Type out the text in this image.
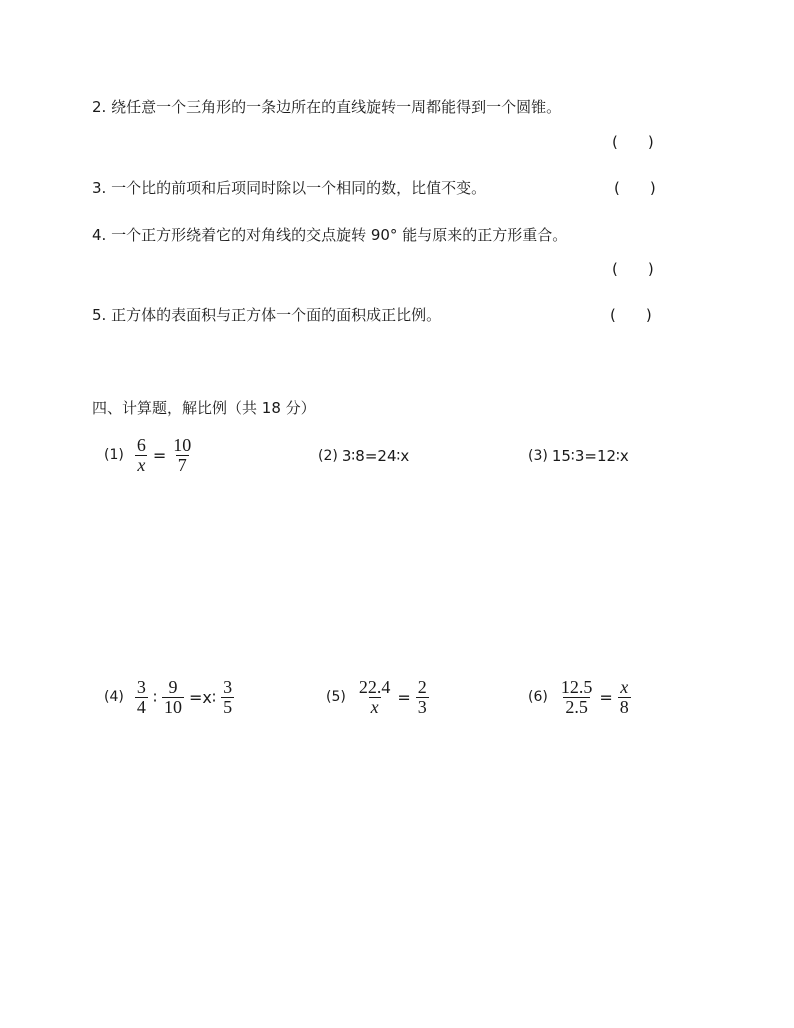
2. 绕任意一个三角形的一条边所在的直线旋转一周都能得到一个圆锥。
(　　)
3. 一个比的前项和后项同时除以一个相同的数，比值不变。	(　　)
4. 一个正方形绕着它的对角线的交点旋转 90° 能与原来的正方形重合。
(　　)
5. 正方体的表面积与正方体一个面的面积成正比例。	(　　)
四、计算题，解比例（共 18 分）
$(1) \frac{6}{x} = \frac{10}{7}$	(2) 3∶8=24∶x	(3) 15∶3=12∶x
$(4) \frac{3}{4}$ ∶ $\frac{9}{10}$ =x∶ $\frac{3}{5}$	$(5) \frac{22.4}{x} = \frac{2}{3}$	$(6) \frac{12.5}{2.5} = \frac{x}{8}$
